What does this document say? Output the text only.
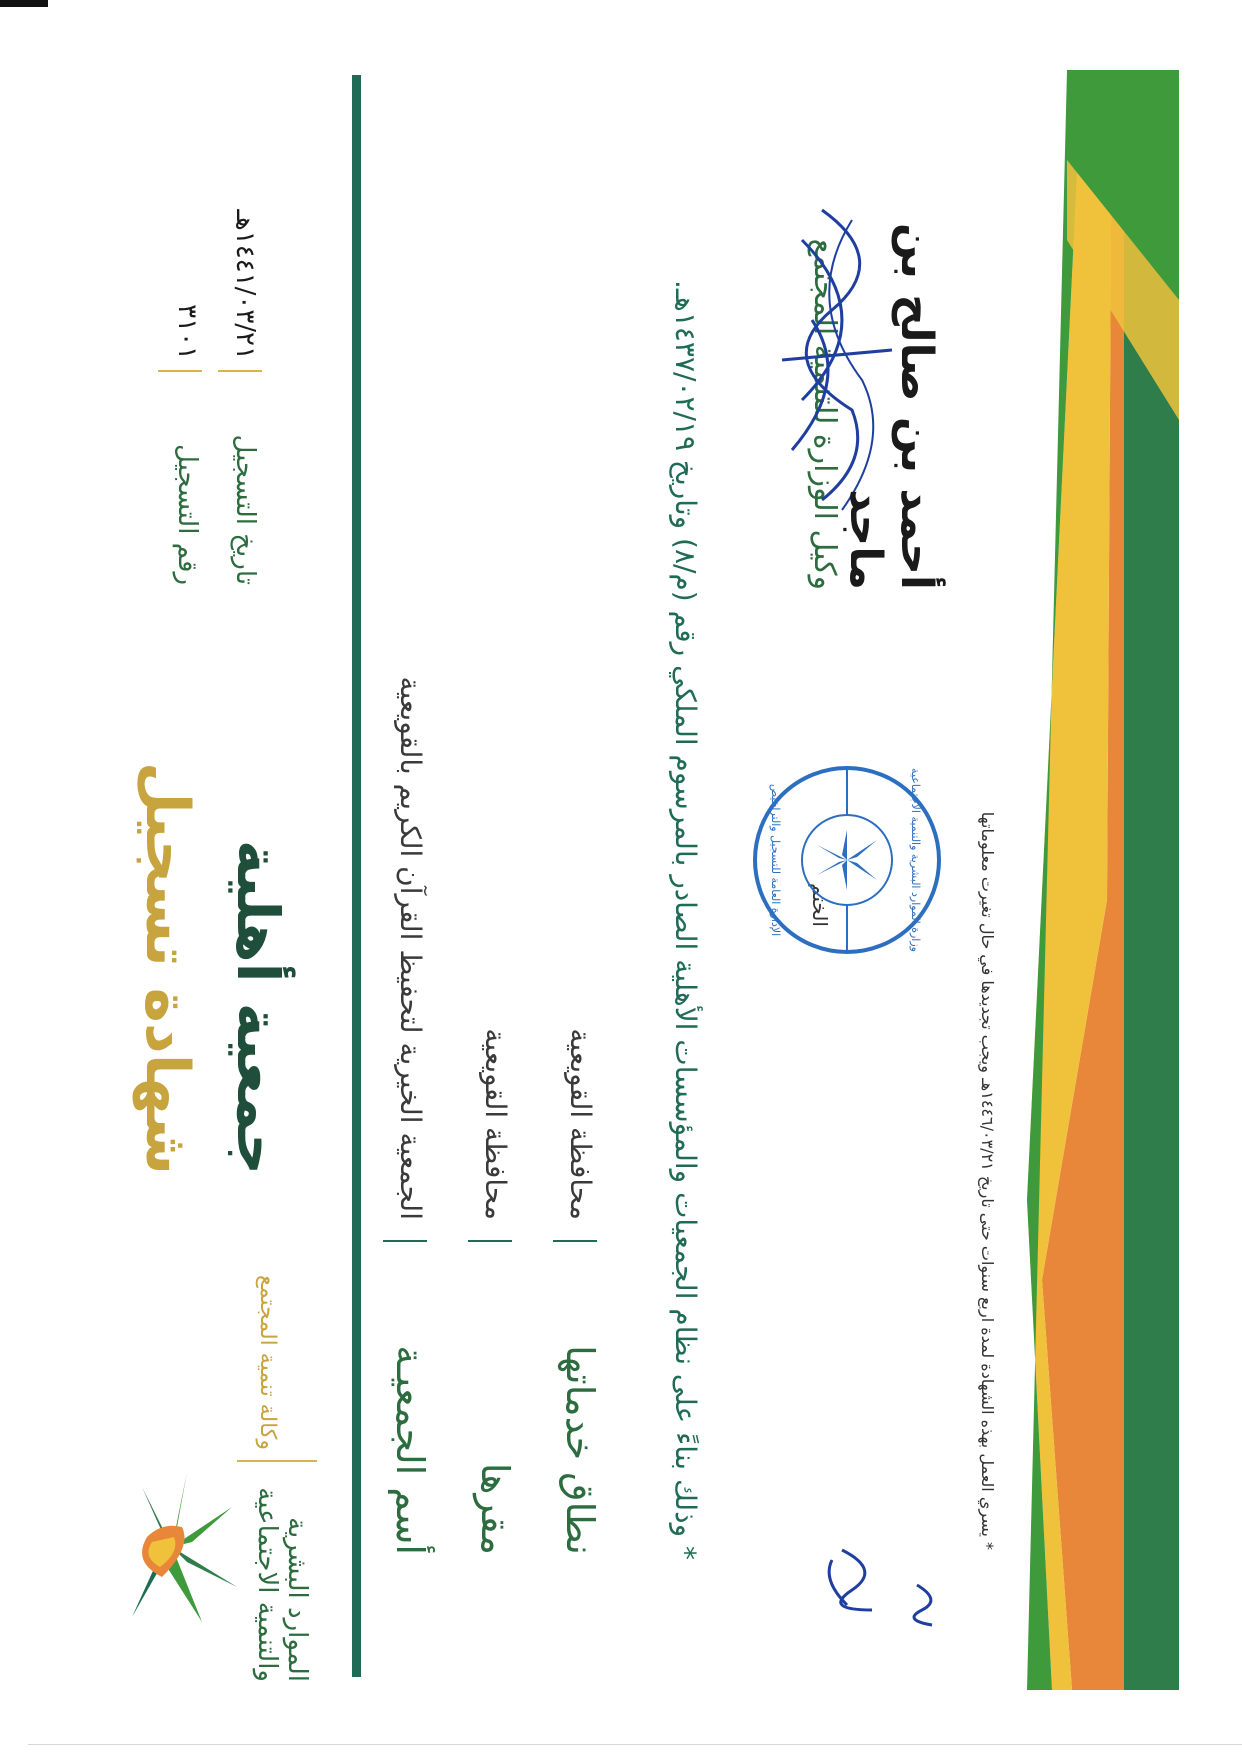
الموارد البشرية
والتنمية الاجتماعية
وكالة تنمية المجتمع
شهادة تسجيل جمعية أهلية
رقم التسجيل
٣١٠١
تاريخ التسجيل
١٤٤١/٠٣/٢١هـ
أسم الجمعيـة
الجمعية الخيرية لتحفيظ القرآن الكريم بالقويعية
مقرها
محافظة القويعية
نطاق خدماتها
محافظة القويعية
* وذلك بناءً على نظام الجمعيات والمؤسسات الأهلية الصادر بالمرسوم الملكي رقم (م/٨) وتاريخ ١٤٣٧/٠٢/١٩هـ.	الختم	وزارة الموارد البشرية والتنمية الاجتماعية
الإدارة العامة للتسجيل والتراخيص
وكيل الوزارة للتنمية المجتمع	أحمد بن صالح بن ماجد
* يسري العمل بهذه الشهادة لمدة اربع سنوات حتى تاريخ ١٤٤٦/٠٣/٢١هـ ويجب تجديدها في حال تغيرت معلوماتها
